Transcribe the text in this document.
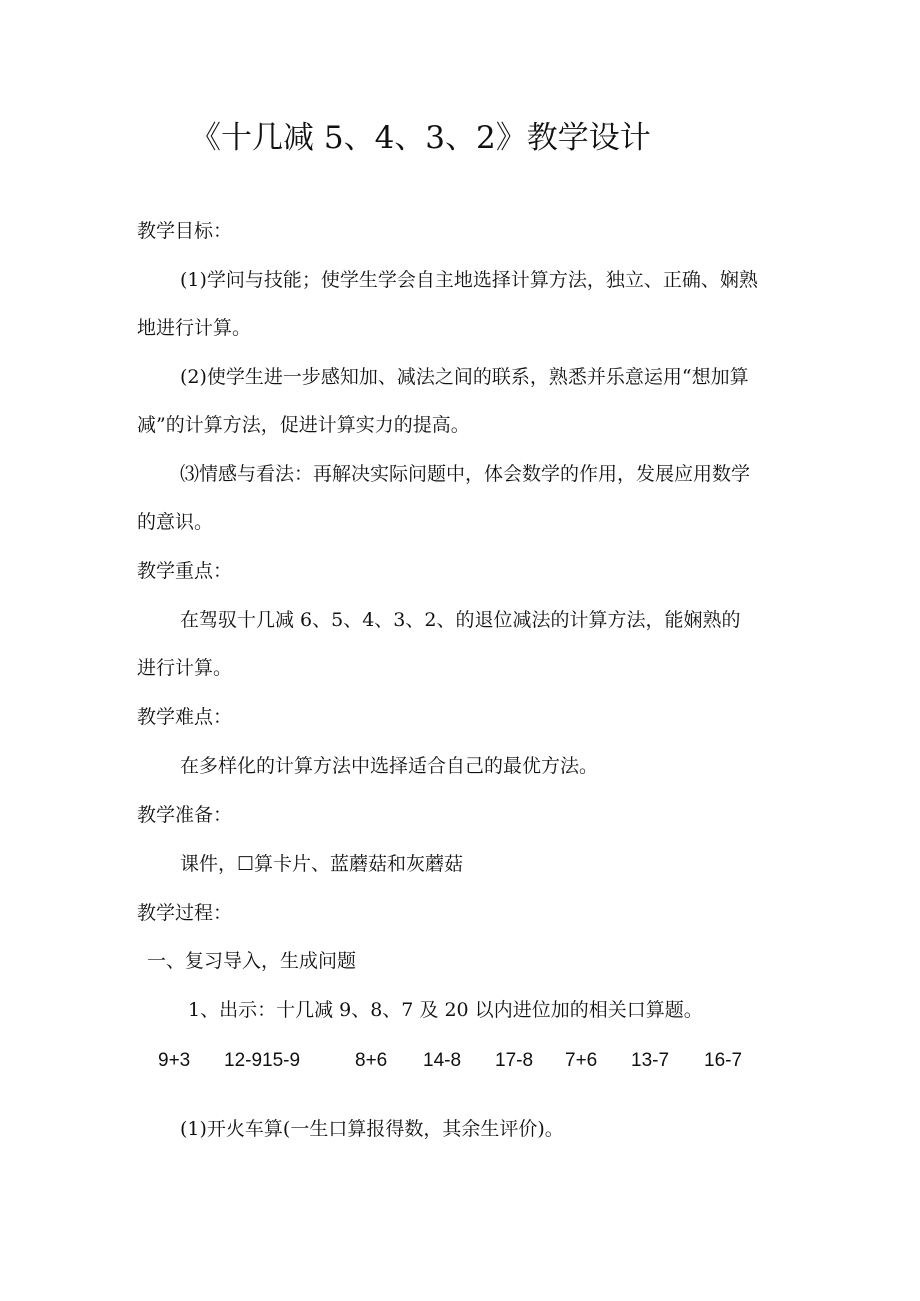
《十几减 5、4、3、2》教学设计
教学目标：
(1)学问与技能；使学生学会自主地选择计算方法，独立、正确、娴熟
地进行计算。
(2)使学生进一步感知加、减法之间的联系，熟悉并乐意运用“想加算
减”的计算方法，促进计算实力的提高。
⑶情感与看法：再解决实际问题中，体会数学的作用，发展应用数学
的意识。
教学重点：
在驾驭十几减 6、5、4、3、2、的退位减法的计算方法，能娴熟的
进行计算。
教学难点：
在多样化的计算方法中选择适合自己的最优方法。
教学准备：
课件，☐算卡片、蓝蘑菇和灰蘑菇
教学过程：
一、复习导入，生成问题
1、出示：十几减 9、8、7 及 20 以内进位加的相关口算题。
9+3 12-915-9	8+6 14-8 17-8 7+6 13-7 16-7
(1)开火车算(一生口算报得数，其余生评价)。
